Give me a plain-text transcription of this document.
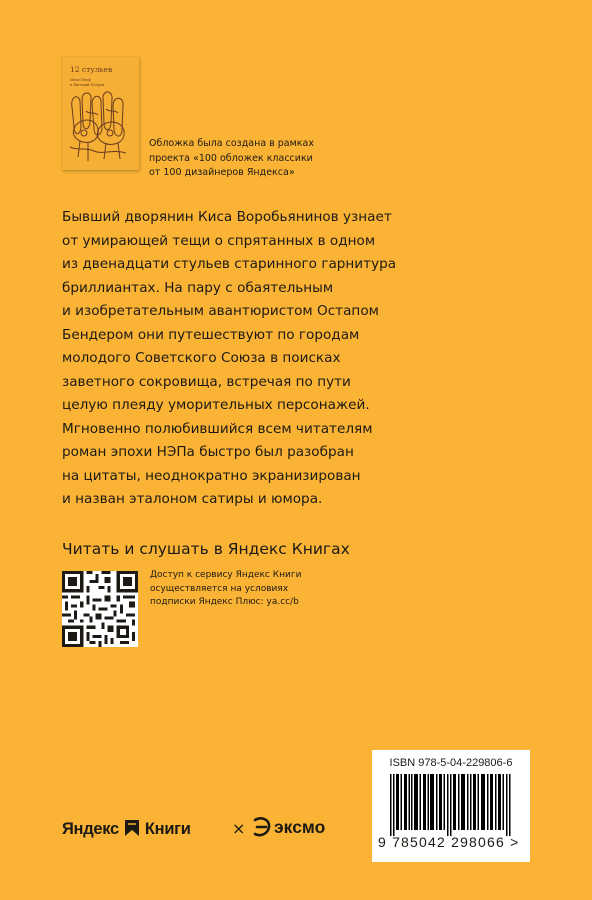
12 стульев
Илья Ильф
и Евгений Петров
Обложка была создана в рамках
проекта «100 обложек классики
от 100 дизайнеров Яндекса»
Бывший дворянин Киса Воробьянинов узнает
от умирающей тещи о спрятанных в одном
из двенадцати стульев старинного гарнитура
бриллиантах. На пару с обаятельным
и изобретательным авантюристом Остапом
Бендером они путешествуют по городам
молодого Советского Союза в поисках
заветного сокровища, встречая по пути
целую плеяду уморительных персонажей.
Мгновенно полюбившийся всем читателям
роман эпохи НЭПа быстро был разобран
на цитаты, неоднократно экранизирован
и назван эталоном сатиры и юмора.
Читать и слушать в Яндекс Книгах
Доступ к сервису Яндекс Книги
осуществляется на условиях
подписки Яндекс Плюс: ya.cc/b
ISBN 978-5-04-229806-6
9 785042 298066 >
Яндекс Книги	×	эксмо
